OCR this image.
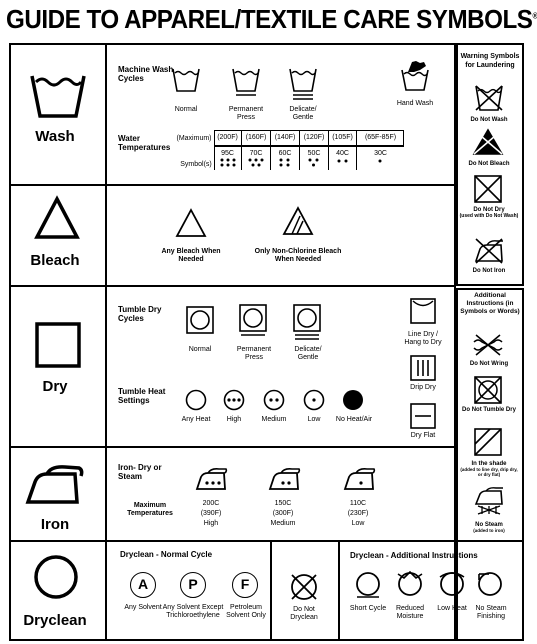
GUIDE TO APPAREL/TEXTILE CARE SYMBOLS®
Wash
Machine Wash Cycles
Normal	Permanent Press
Delicate/ Gentle
Hand Wash
Water Temperatures
(Maximum)
Symbol(s)
(200F)	(160F)	(140F)	(120F)	(105F)	(65F-85F)
95C	70C	60C	50C	40C	30C
Bleach
Any Bleach When Needed
Only Non-Chlorine Bleach When Needed
Dry
Tumble Dry Cycles
Normal	Permanent Press
Delicate/ Gentle
Tumble Heat Settings
Any Heat	High	Medium	Low	No Heat/Air
Line Dry / Hang to Dry
Drip Dry
Dry Flat
Iron
Iron- Dry or Steam
Maximum Temperatures
200C
(390F)
High
150C
(300F)
Medium
110C
(230F)
Low
Dryclean
Dryclean - Normal Cycle
A
Any Solvent
P
Any Solvent Except Trichloroethylene
F
Petroleum Solvent Only
Do Not Dryclean
Dryclean - Additional Instructions
Short Cycle	Reduced Moisture
Low Heat	No Steam Finishing
Warning Symbols for Laundering
Do Not Wash
Do Not Bleach
Do Not Dry
(used with Do Not Wash)
Do Not Iron
Additional Instructions (in Symbols or Words)
Do Not Wring
Do Not Tumble Dry
In the shade
(added to line dry, drip dry, or dry flat)
No Steam
(added to iron)
